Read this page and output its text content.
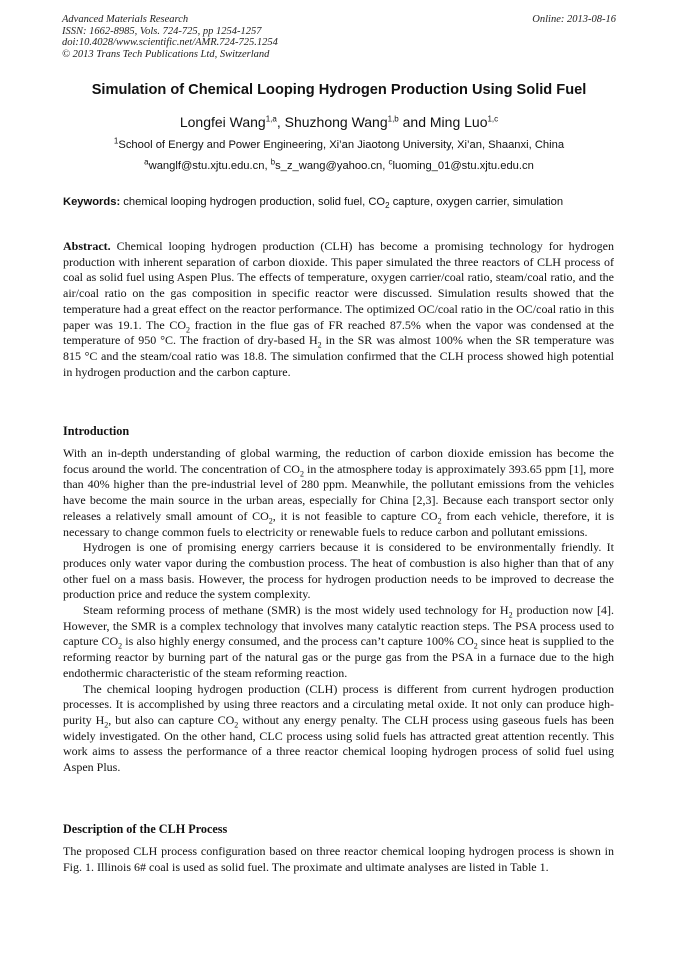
Advanced Materials Research
ISSN: 1662-8985, Vols. 724-725, pp 1254-1257
doi:10.4028/www.scientific.net/AMR.724-725.1254
© 2013 Trans Tech Publications Ltd, Switzerland
Online: 2013-08-16
Simulation of Chemical Looping Hydrogen Production Using Solid Fuel
Longfei Wang$^{1,a}$, Shuzhong Wang$^{1,b}$ and Ming Luo$^{1,c}$
$^1$School of Energy and Power Engineering, Xi’an Jiaotong University, Xi’an, Shaanxi, China
$^a$wanglf@stu.xjtu.edu.cn, $^b$s_z_wang@yahoo.cn, $^c$luoming_01@stu.xjtu.edu.cn
Keywords: chemical looping hydrogen production, solid fuel, $CO_2$ capture, oxygen carrier, simulation

Abstract. Chemical looping hydrogen production (CLH) has become a promising technology for hydrogen production with inherent separation of carbon dioxide. This paper simulated the three reactors of CLH process of coal as solid fuel using Aspen Plus. The effects of temperature, oxygen carrier/coal ratio, steam/coal ratio, and the air/coal ratio on the gas composition in specific reactor were discussed. Simulation results showed that the temperature had a great effect on the reactor performance. The optimized OC/coal ratio in the OC/coal ratio in this paper was 19.1. The $CO_2$ fraction in the flue gas of FR reached 87.5% when the vapor was condensed at the temperature of 950 °C. The fraction of dry-based $H_2$ in the SR was almost 100% when the SR temperature was 815 °C and the steam/coal ratio was 18.8. The simulation confirmed that the CLH process showed high potential in hydrogen production and the carbon capture.

Introduction

With an in-depth understanding of global warming, the reduction of carbon dioxide emission has become the focus around the world. The concentration of $CO_2$ in the atmosphere today is approximately 393.65 ppm [1], more than 40% higher than the pre-industrial level of 280 ppm. Meanwhile, the pollutant emissions from the vehicles have become the main source in the urban areas, especially for China [2,3]. Because each transport sector only releases a relatively small amount of $CO_2$, it is not feasible to capture $CO_2$ from each vehicle, therefore, it is necessary to change common fuels to electricity or renewable fuels to reduce carbon and pollutant emissions.

Hydrogen is one of promising energy carriers because it is considered to be environmentally friendly. It produces only water vapor during the combustion process. The heat of combustion is also higher than that of any other fuel on a mass basis. However, the process for hydrogen production needs to be improved to decrease the production price and reduce the system complexity.

Steam reforming process of methane (SMR) is the most widely used technology for $H_2$ production now [4]. However, the SMR is a complex technology that involves many catalytic reaction steps. The PSA process used to capture $CO_2$ is also highly energy consumed, and the process can’t capture 100% $CO_2$ since heat is supplied to the reforming reactor by burning part of the natural gas or the purge gas from the PSA in a furnace due to the high endothermic characteristic of the steam reforming reaction.

The chemical looping hydrogen production (CLH) process is different from current hydrogen production processes. It is accomplished by using three reactors and a circulating metal oxide. It not only can produce high-purity $H_2$, but also can capture $CO_2$ without any energy penalty. The CLH process using gaseous fuels has been widely investigated. On the other hand, CLC process using solid fuels has attracted great attention recently. This work aims to assess the performance of a three reactor chemical looping hydrogen process of solid fuel using Aspen Plus.

Description of the CLH Process

The proposed CLH process configuration based on three reactor chemical looping hydrogen process is shown in Fig. 1. Illinois 6# coal is used as solid fuel. The proximate and ultimate analyses are listed in Table 1.
